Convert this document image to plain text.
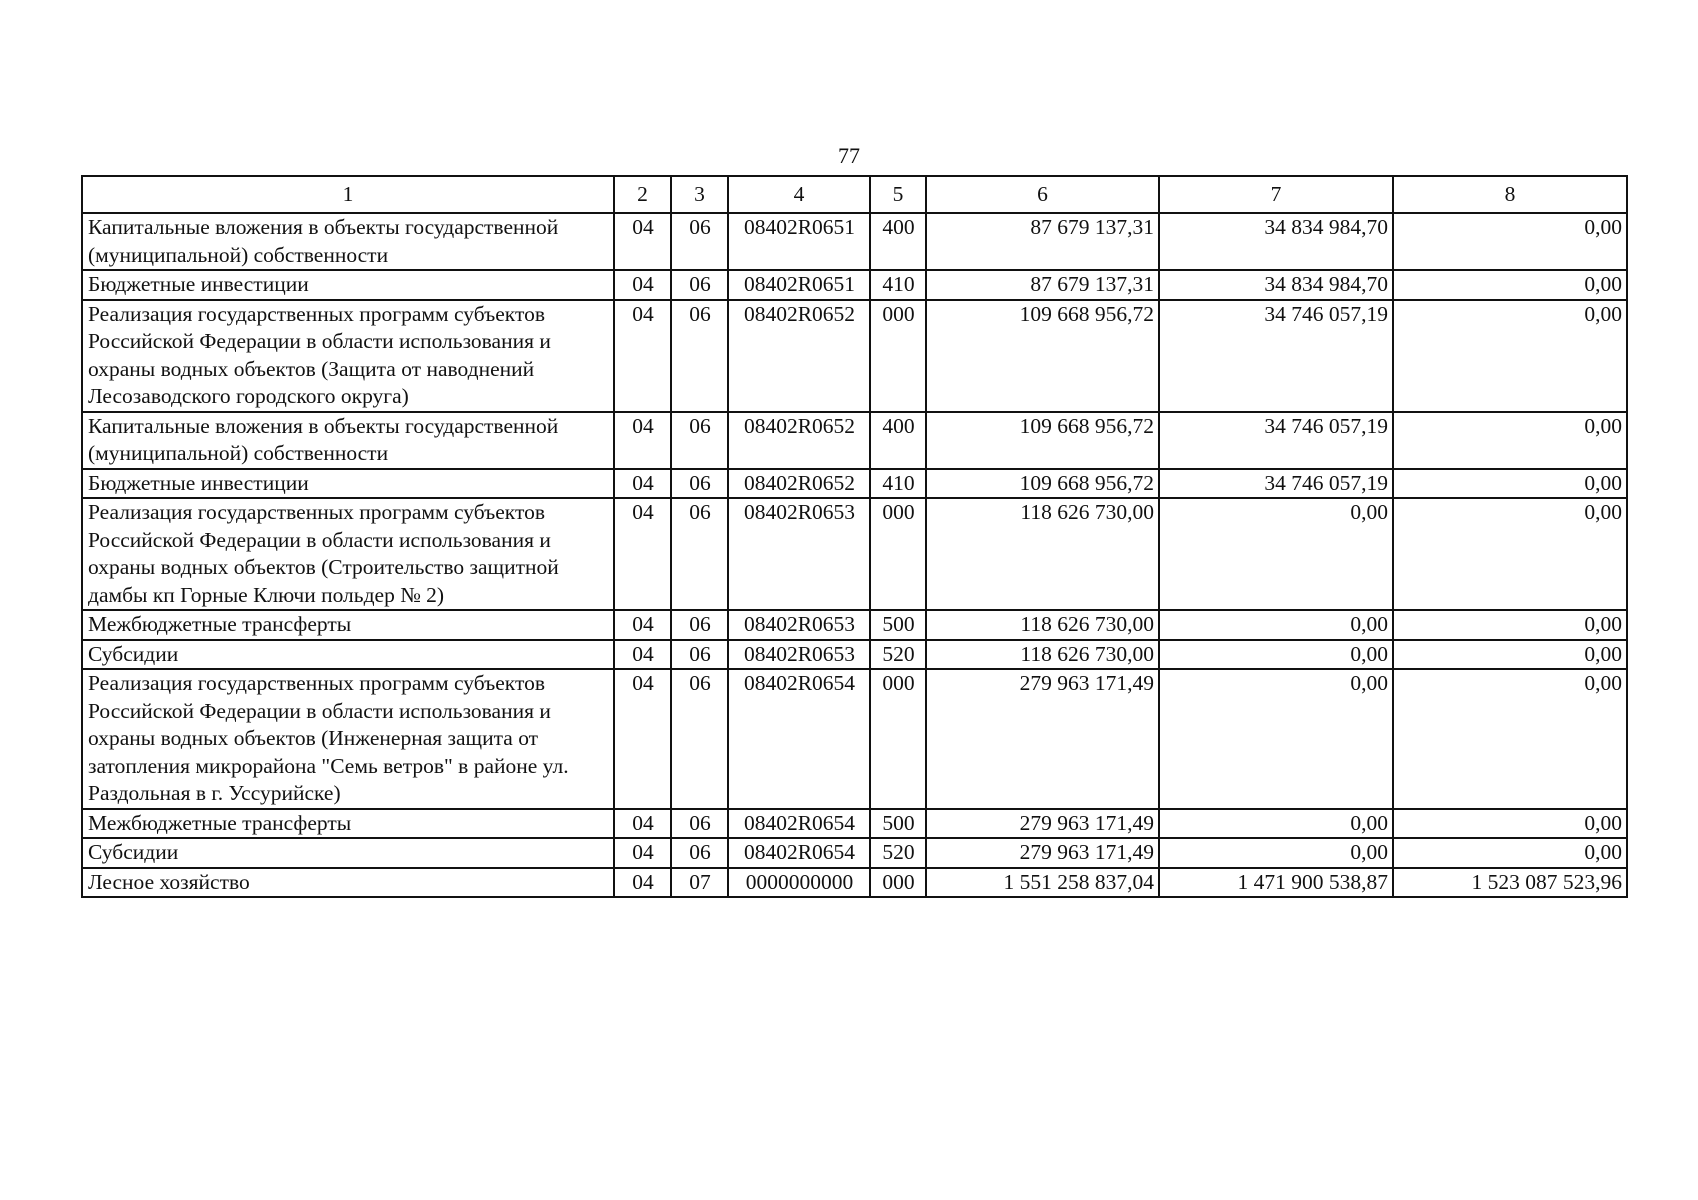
77
1	2	3	4	5	6	7	8
Капитальные вложения в объекты государственной (муниципальной) собственности	04	06	08402R0651	400	87 679 137,31	34 834 984,70	0,00
Бюджетные инвестиции	04	06	08402R0651	410	87 679 137,31	34 834 984,70	0,00
Реализация государственных программ субъектов Российской Федерации в области использования и охраны водных объектов (Защита от наводнений Лесозаводского городского округа)	04	06	08402R0652	000	109 668 956,72	34 746 057,19	0,00
Капитальные вложения в объекты государственной (муниципальной) собственности	04	06	08402R0652	400	109 668 956,72	34 746 057,19	0,00
Бюджетные инвестиции	04	06	08402R0652	410	109 668 956,72	34 746 057,19	0,00
Реализация государственных программ субъектов Российской Федерации в области использования и охраны водных объектов (Строительство защитной дамбы кп Горные Ключи польдер № 2)	04	06	08402R0653	000	118 626 730,00	0,00	0,00
Межбюджетные трансферты	04	06	08402R0653	500	118 626 730,00	0,00	0,00
Субсидии	04	06	08402R0653	520	118 626 730,00	0,00	0,00
Реализация государственных программ субъектов Российской Федерации в области использования и охраны водных объектов (Инженерная защита от затопления микрорайона "Семь ветров" в районе ул. Раздольная в г. Уссурийске)	04	06	08402R0654	000	279 963 171,49	0,00	0,00
Межбюджетные трансферты	04	06	08402R0654	500	279 963 171,49	0,00	0,00
Субсидии	04	06	08402R0654	520	279 963 171,49	0,00	0,00
Лесное хозяйство	04	07	0000000000	000	1 551 258 837,04	1 471 900 538,87	1 523 087 523,96
